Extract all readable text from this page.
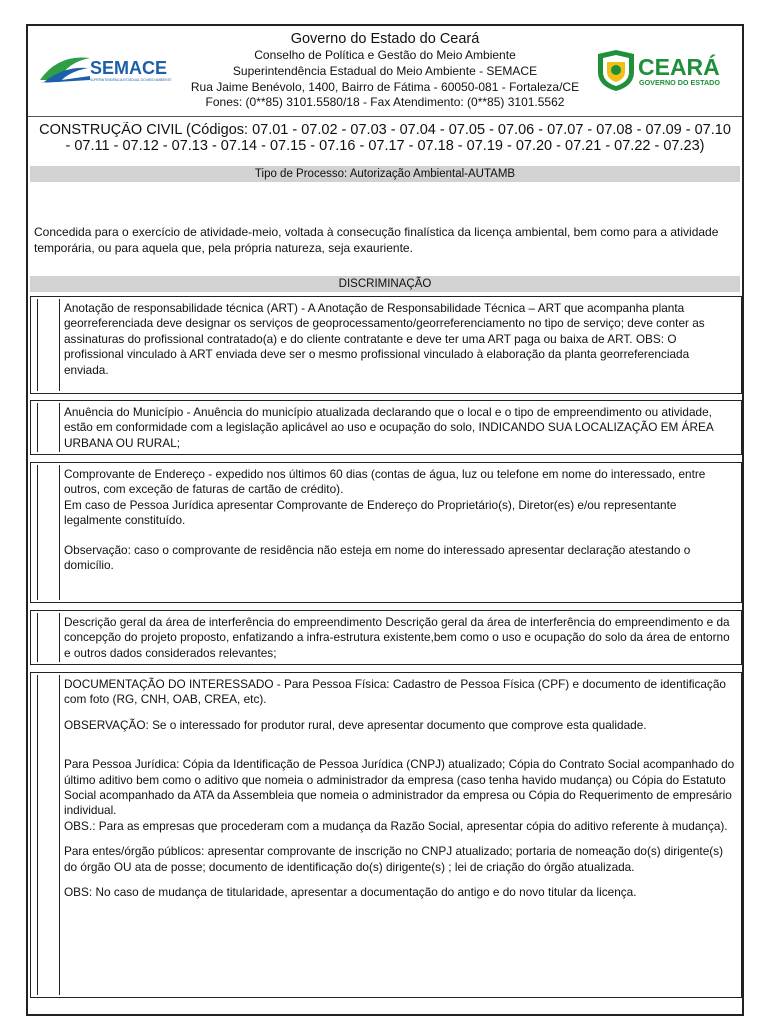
SEMACE
SUPERINTENDÊNCIA ESTADUAL DO MEIO AMBIENTE	CEARÁ
GOVERNO DO ESTADO
Governo do Estado do Ceará
Conselho de Política e Gestão do Meio Ambiente
Superintendência Estadual do Meio Ambiente - SEMACE
Rua Jaime Benévolo, 1400, Bairro de Fátima - 60050-081 - Fortaleza/CE
Fones: (0**85) 3101.5580/18 - Fax Atendimento: (0**85) 3101.5562
CONSTRUÇÃO CIVIL (Códigos: 07.01 - 07.02 - 07.03 - 07.04 - 07.05 - 07.06 - 07.07 - 07.08 - 07.09 - 07.10 - 07.11 - 07.12 - 07.13 - 07.14 - 07.15 - 07.16 - 07.17 - 07.18 - 07.19 - 07.20 - 07.21 - 07.22 - 07.23)
Tipo de Processo: Autorização Ambiental-AUTAMB
Concedida para o exercício de atividade-meio, voltada à consecução finalística da licença ambiental, bem como para a atividade temporária, ou para aquela que, pela própria natureza, seja exauriente.
DISCRIMINAÇÃO

Anotação de responsabilidade técnica (ART) - A Anotação de Responsabilidade Técnica – ART que acompanha planta georreferenciada deve designar os serviços de geoprocessamento/georreferenciamento no tipo de serviço; deve conter as assinaturas do profissional contratado(a) e do cliente contratante e deve ter uma ART paga ou baixa de ART. OBS: O profissional vinculado à ART enviada deve ser o mesmo profissional vinculado à elaboração da planta georreferenciada enviada.

Anuência do Município - Anuência do município atualizada declarando que o local e o tipo de empreendimento ou atividade, estão em conformidade com a legislação aplicável ao uso e ocupação do solo, INDICANDO SUA LOCALIZAÇÃO EM ÁREA URBANA OU RURAL;

Comprovante de Endereço - expedido nos últimos 60 dias (contas de água, luz ou telefone em nome do interessado, entre outros, com exceção de faturas de cartão de crédito).

Em caso de Pessoa Jurídica apresentar Comprovante de Endereço do Proprietário(s), Diretor(es) e/ou representante legalmente constituído.

Observação: caso o comprovante de residência não esteja em nome do interessado apresentar declaração atestando o domicílio.

Descrição geral da área de interferência do empreendimento Descrição geral da área de interferência do empreendimento e da concepção do projeto proposto, enfatizando a infra-estrutura existente,bem como o uso e ocupação do solo da área de entorno e outros dados considerados relevantes;

DOCUMENTAÇÃO DO INTERESSADO - Para Pessoa Física: Cadastro de Pessoa Física (CPF) e documento de identificação com foto (RG, CNH, OAB, CREA, etc).

OBSERVAÇÃO: Se o interessado for produtor rural, deve apresentar documento que comprove esta qualidade.

Para Pessoa Jurídica: Cópia da Identificação de Pessoa Jurídica (CNPJ) atualizado; Cópia do Contrato Social acompanhado do último aditivo bem como o aditivo que nomeia o administrador da empresa (caso tenha havido mudança) ou Cópia do Estatuto Social acompanhado da ATA da Assembleia que nomeia o administrador da empresa ou Cópia do Requerimento de empresário individual.

OBS.: Para as empresas que procederam com a mudança da Razão Social, apresentar cópia do aditivo referente à mudança).

Para entes/órgão públicos: apresentar comprovante de inscrição no CNPJ atualizado; portaria de nomeação do(s) dirigente(s) do órgão OU ata de posse; documento de identificação do(s) dirigente(s) ; lei de criação do órgão atualizada.

OBS: No caso de mudança de titularidade, apresentar a documentação do antigo e do novo titular da licença.
